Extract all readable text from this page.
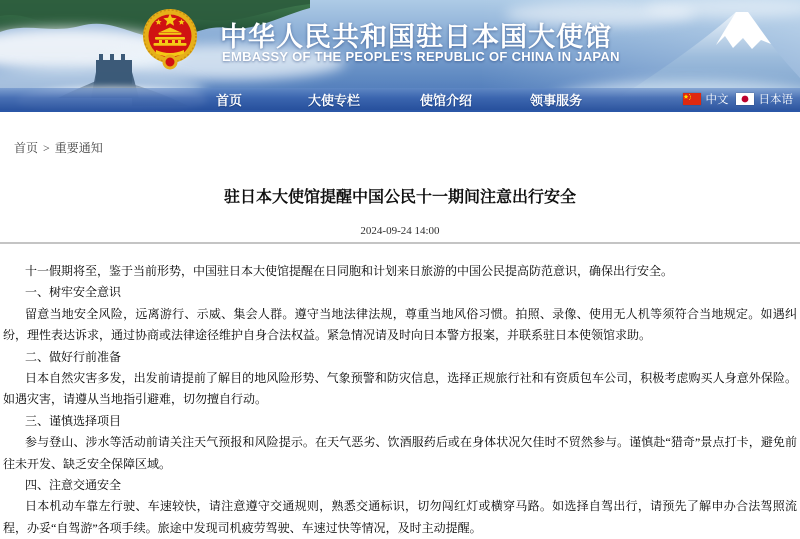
中华人民共和国驻日本国大使馆
EMBASSY OF THE PEOPLE'S REPUBLIC OF CHINA IN JAPAN
首页	大使专栏	使馆介绍	领事服务	中文	日本语
首页 > 重要通知
驻日本大使馆提醒中国公民十一期间注意出行安全
2024-09-24 14:00

十一假期将至，鉴于当前形势，中国驻日本大使馆提醒在日同胞和计划来日旅游的中国公民提高防范意识，确保出行安全。

一、树牢安全意识

留意当地安全风险，远离游行、示威、集会人群。遵守当地法律法规，尊重当地风俗习惯。拍照、录像、使用无人机等须符合当地规定。如遇纠纷，理性表达诉求，通过协商或法律途径维护自身合法权益。紧急情况请及时向日本警方报案，并联系驻日本使领馆求助。

二、做好行前准备

日本自然灾害多发，出发前请提前了解目的地风险形势、气象预警和防灾信息，选择正规旅行社和有资质包车公司，积极考虑购买人身意外保险。如遇灾害，请遵从当地指引避难，切勿擅自行动。

三、谨慎选择项目

参与登山、涉水等活动前请关注天气预报和风险提示。在天气恶劣、饮酒服药后或在身体状况欠佳时不贸然参与。谨慎赴“猎奇”景点打卡，避免前往未开发、缺乏安全保障区域。

四、注意交通安全

日本机动车靠左行驶、车速较快，请注意遵守交通规则，熟悉交通标识，切勿闯红灯或横穿马路。如选择自驾出行，请预先了解申办合法驾照流程，办妥“自驾游”各项手续。旅途中发现司机疲劳驾驶、车速过快等情况，及时主动提醒。
